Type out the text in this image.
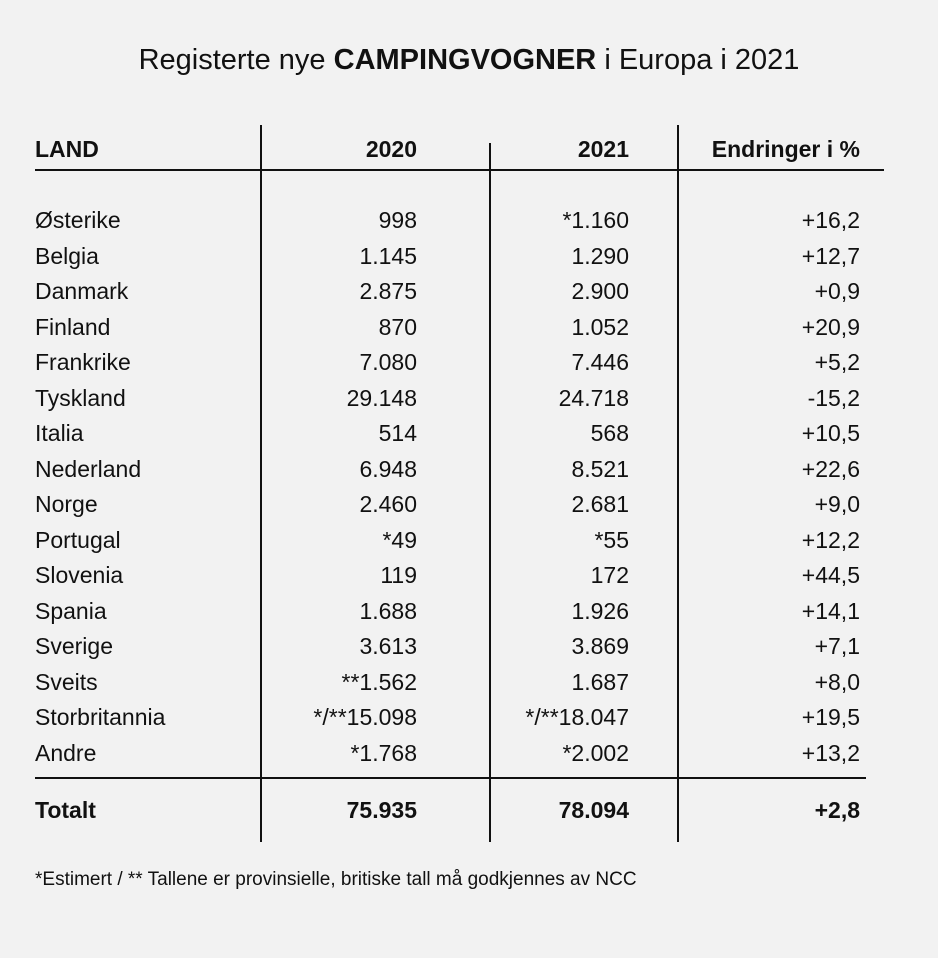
Registerte nye CAMPINGVOGNER i Europa i 2021
LAND	2020	2021	Endringer i %
Østerike	998	*1.160	+16,2
Belgia	1.145	1.290	+12,7
Danmark	2.875	2.900	+0,9
Finland	870	1.052	+20,9
Frankrike	7.080	7.446	+5,2
Tyskland	29.148	24.718	-15,2
Italia	514	568	+10,5
Nederland	6.948	8.521	+22,6
Norge	2.460	2.681	+9,0
Portugal	*49	*55	+12,2
Slovenia	119	172	+44,5
Spania	1.688	1.926	+14,1
Sverige	3.613	3.869	+7,1
Sveits	**1.562	1.687	+8,0
Storbritannia	*/**15.098	*/**18.047	+19,5
Andre	*1.768	*2.002	+13,2
Totalt	75.935	78.094	+2,8
*Estimert / ** Tallene er provinsielle, britiske tall må godkjennes av NCC
